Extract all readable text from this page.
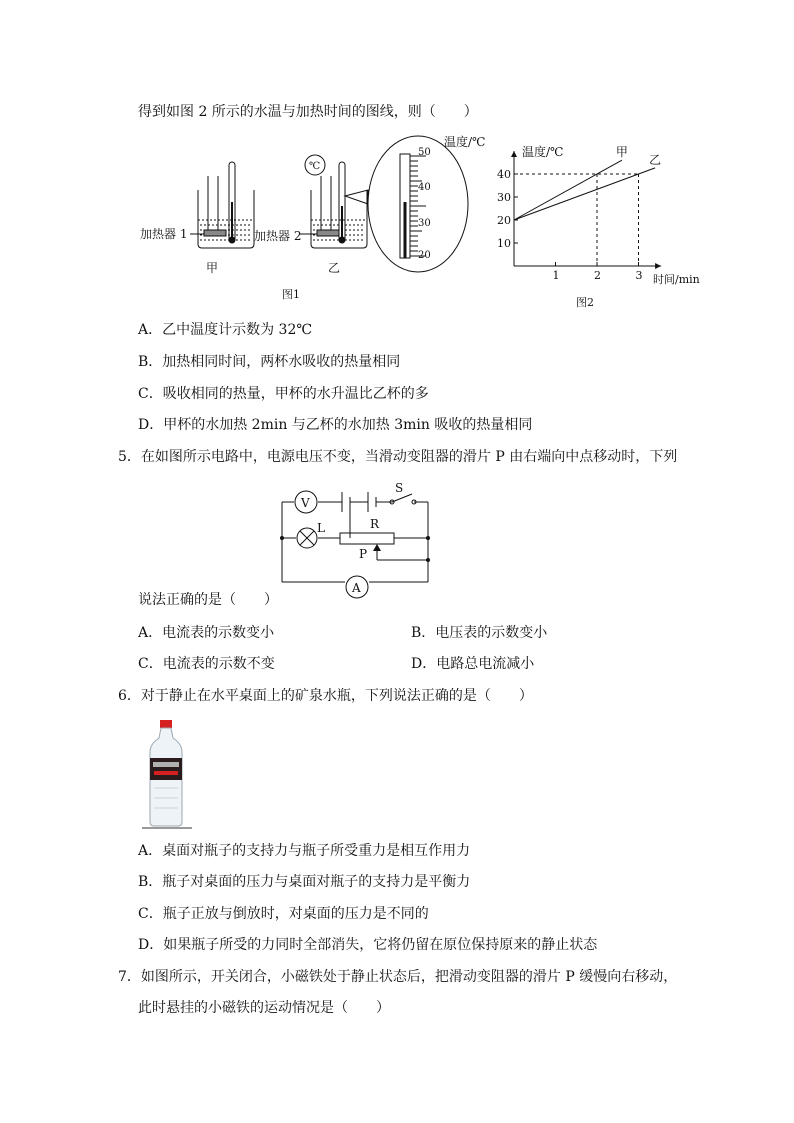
得到如图 2 所示的水温与加热时间的图线，则（　　）
℃
50
40
30
20
温度/℃
加热器 1	加热器 2
甲	乙
图1
10
20
30
40
1	2	3
甲
乙
温度/℃
时间/min
图2
A．乙中温度计示数为 32℃
B．加热相同时间，两杯水吸收的热量相同
C．吸收相同的热量，甲杯的水升温比乙杯的多
D．甲杯的水加热 2min 与乙杯的水加热 3min 吸收的热量相同
5．在如图所示电路中，电源电压不变，当滑动变阻器的滑片 P 由右端向中点移动时，下列
V
L	R
P
S
A
说法正确的是（　　）
A．电流表的示数变小	B．电压表的示数变小
C．电流表的示数不变	D．电路总电流减小
6．对于静止在水平桌面上的矿泉水瓶，下列说法正确的是（　　）
A．桌面对瓶子的支持力与瓶子所受重力是相互作用力
B．瓶子对桌面的压力与桌面对瓶子的支持力是平衡力
C．瓶子正放与倒放时，对桌面的压力是不同的
D．如果瓶子所受的力同时全部消失，它将仍留在原位保持原来的静止状态
7．如图所示，开关闭合，小磁铁处于静止状态后，把滑动变阻器的滑片 P 缓慢向右移动，
此时悬挂的小磁铁的运动情况是（　　）
